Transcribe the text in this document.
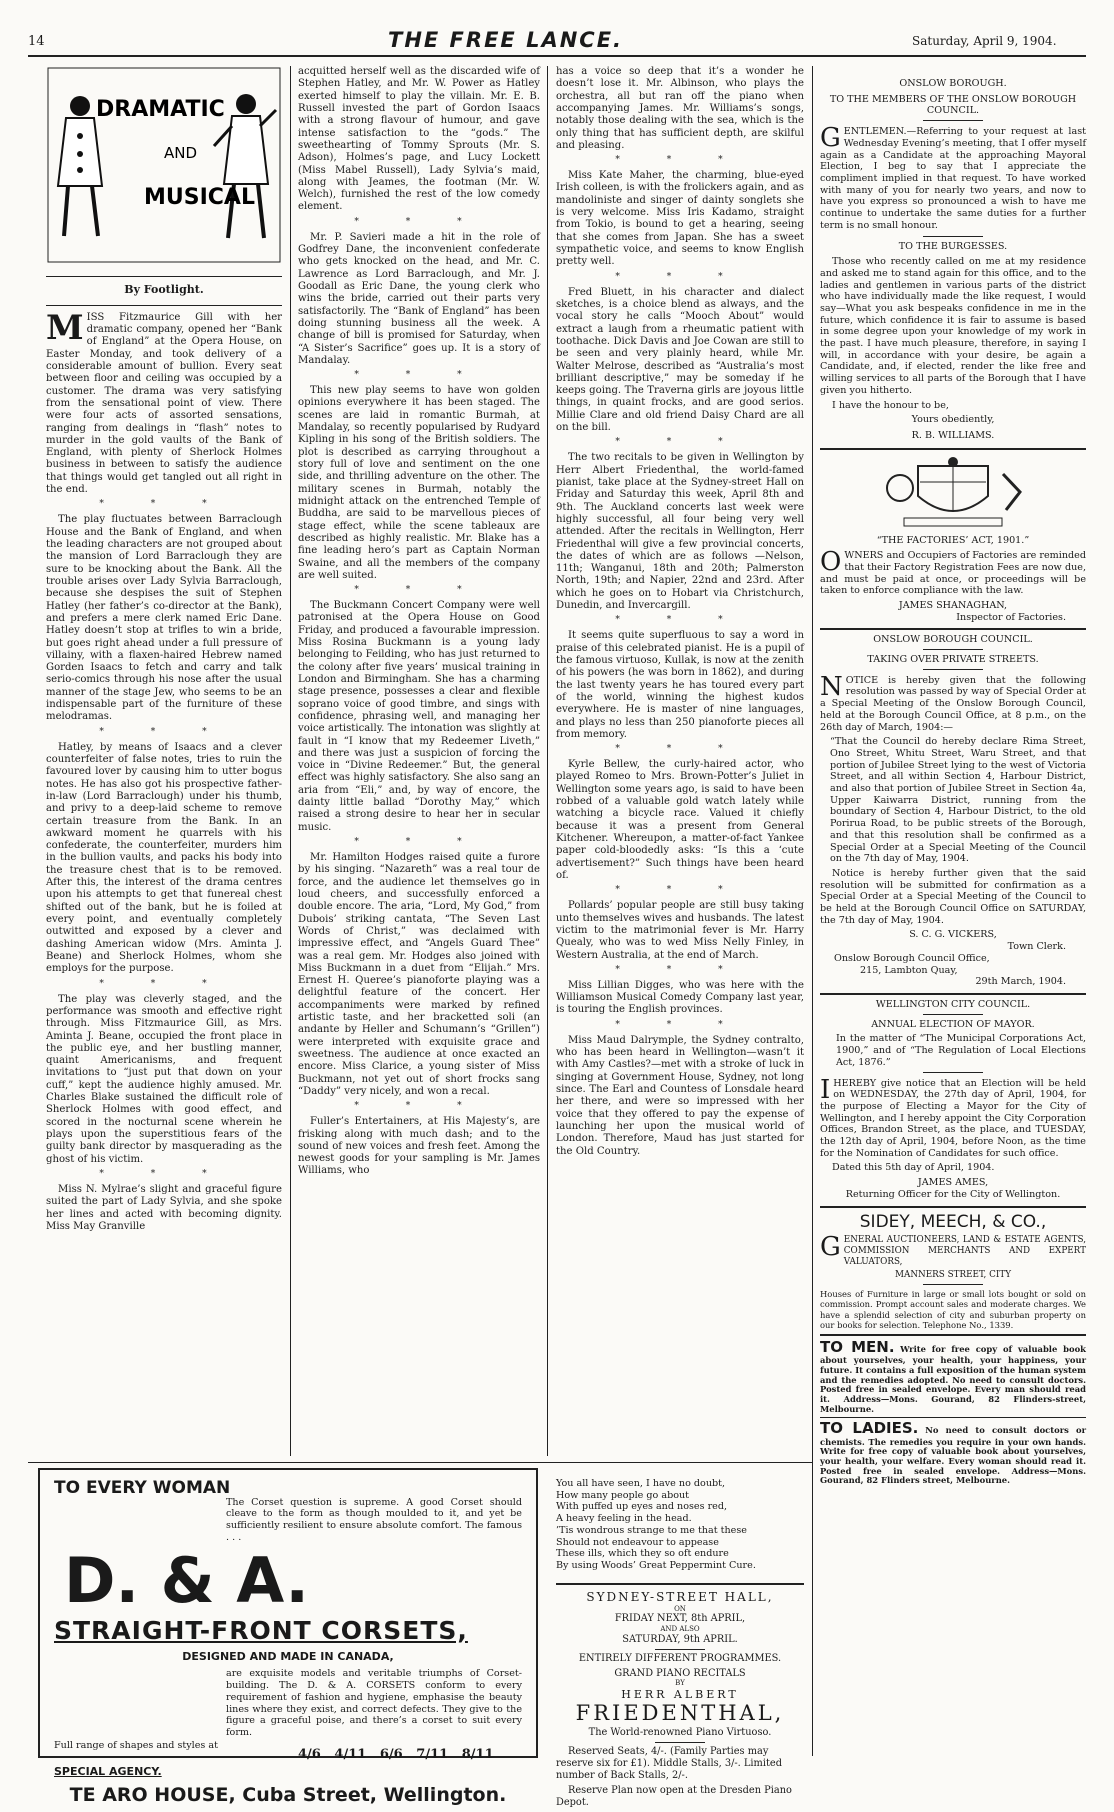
14	THE FREE LANCE.	Saturday, April 9, 1904.
DRAMATIC
AND
MUSICAL
By Footlight.

MISS Fitzmaurice Gill with her dramatic company, opened her “Bank of England” at the Opera House, on Easter Monday, and took delivery of a considerable amount of bullion. Every seat between floor and ceiling was occupied by a customer. The drama was very satisfying from the sensational point of view. There were four acts of assorted sensations, ranging from dealings in “flash” notes to murder in the gold vaults of the Bank of England, with plenty of Sherlock Holmes business in between to satisfy the audience that things would get tangled out all right in the end.

* * *

The play fluctuates between Barraclough House and the Bank of England, and when the leading characters are not grouped about the mansion of Lord Barraclough they are sure to be knocking about the Bank. All the trouble arises over Lady Sylvia Barraclough, because she despises the suit of Stephen Hatley (her father’s co-director at the Bank), and prefers a mere clerk named Eric Dane. Hatley doesn’t stop at trifles to win a bride, but goes right ahead under a full pressure of villainy, with a flaxen-haired Hebrew named Gorden Isaacs to fetch and carry and talk serio-comics through his nose after the usual manner of the stage Jew, who seems to be an indispensable part of the furniture of these melodramas.

* * *

Hatley, by means of Isaacs and a clever counterfeiter of false notes, tries to ruin the favoured lover by causing him to utter bogus notes. He has also got his prospective father-in-law (Lord Barraclough) under his thumb, and privy to a deep-laid scheme to remove certain treasure from the Bank. In an awkward moment he quarrels with his confederate, the counterfeiter, murders him in the bullion vaults, and packs his body into the treasure chest that is to be removed. After this, the interest of the drama centres upon his attempts to get that funereal chest shifted out of the bank, but he is foiled at every point, and eventually completely outwitted and exposed by a clever and dashing American widow (Mrs. Aminta J. Beane) and Sherlock Holmes, whom she employs for the purpose.

* * *

The play was cleverly staged, and the performance was smooth and effective right through. Miss Fitzmaurice Gill, as Mrs. Aminta J. Beane, occupied the front place in the public eye, and her bustling manner, quaint Americanisms, and frequent invitations to “just put that down on your cuff,” kept the audience highly amused. Mr. Charles Blake sustained the difficult role of Sherlock Holmes with good effect, and scored in the nocturnal scene wherein he plays upon the superstitious fears of the guilty bank director by masquerading as the ghost of his victim.

* * *

Miss N. Mylrae’s slight and graceful figure suited the part of Lady Sylvia, and she spoke her lines and acted with becoming dignity. Miss May Granville

acquitted herself well as the discarded wife of Stephen Hatley, and Mr. W. Power as Hatley exerted himself to play the villain. Mr. E. B. Russell invested the part of Gordon Isaacs with a strong flavour of humour, and gave intense satisfaction to the “gods.” The sweethearting of Tommy Sprouts (Mr. S. Adson), Holmes’s page, and Lucy Lockett (Miss Mabel Russell), Lady Sylvia’s maid, along with Jeames, the footman (Mr. W. Welch), furnished the rest of the low comedy element.

* * *

Mr. P. Savieri made a hit in the role of Godfrey Dane, the inconvenient confederate who gets knocked on the head, and Mr. C. Lawrence as Lord Barraclough, and Mr. J. Goodall as Eric Dane, the young clerk who wins the bride, carried out their parts very satisfactorily. The “Bank of England” has been doing stunning business all the week. A change of bill is promised for Saturday, when “A Sister’s Sacrifice” goes up. It is a story of Mandalay.

* * *

This new play seems to have won golden opinions everywhere it has been staged. The scenes are laid in romantic Burmah, at Mandalay, so recently popularised by Rudyard Kipling in his song of the British soldiers. The plot is described as carrying throughout a story full of love and sentiment on the one side, and thrilling adventure on the other. The military scenes in Burmah, notably the midnight attack on the entrenched Temple of Buddha, are said to be marvellous pieces of stage effect, while the scene tableaux are described as highly realistic. Mr. Blake has a fine leading hero’s part as Captain Norman Swaine, and all the members of the company are well suited.

* * *

The Buckmann Concert Company were well patronised at the Opera House on Good Friday, and produced a favourable impression. Miss Rosina Buckmann is a young lady belonging to Feilding, who has just returned to the colony after five years’ musical training in London and Birmingham. She has a charming stage presence, possesses a clear and flexible soprano voice of good timbre, and sings with confidence, phrasing well, and managing her voice artistically. The intonation was slightly at fault in “I know that my Redeemer Liveth,” and there was just a suspicion of forcing the voice in “Divine Redeemer.” But, the general effect was highly satisfactory. She also sang an aria from “Eli,” and, by way of encore, the dainty little ballad “Dorothy May,” which raised a strong desire to hear her in secular music.

* * *

Mr. Hamilton Hodges raised quite a furore by his singing. “Nazareth” was a real tour de force, and the audience let themselves go in loud cheers, and successfully enforced a double encore. The aria, “Lord, My God,” from Dubois’ striking cantata, “The Seven Last Words of Christ,” was declaimed with impressive effect, and “Angels Guard Thee” was a real gem. Mr. Hodges also joined with Miss Buckmann in a duet from “Elijah.” Mrs. Ernest H. Queree’s pianoforte playing was a delightful feature of the concert. Her accompaniments were marked by refined artistic taste, and her bracketted soli (an andante by Heller and Schumann’s “Grillen”) were interpreted with exquisite grace and sweetness. The audience at once exacted an encore. Miss Clarice, a young sister of Miss Buckmann, not yet out of short frocks sang “Daddy” very nicely, and won a recal.

* * *

Fuller’s Entertainers, at His Majesty’s, are frisking along with much dash; and to the sound of new voices and fresh feet. Among the newest goods for your sampling is Mr. James Williams, who

has a voice so deep that it’s a wonder he doesn’t lose it. Mr. Albinson, who plays the orchestra, all but ran off the piano when accompanying James. Mr. Williams’s songs, notably those dealing with the sea, which is the only thing that has sufficient depth, are skilful and pleasing.

* * *

Miss Kate Maher, the charming, blue-eyed Irish colleen, is with the frolickers again, and as mandoliniste and singer of dainty songlets she is very welcome. Miss Iris Kadamo, straight from Tokio, is bound to get a hearing, seeing that she comes from Japan. She has a sweet sympathetic voice, and seems to know English pretty well.

* * *

Fred Bluett, in his character and dialect sketches, is a choice blend as always, and the vocal story he calls “Mooch About” would extract a laugh from a rheumatic patient with toothache. Dick Davis and Joe Cowan are still to be seen and very plainly heard, while Mr. Walter Melrose, described as “Australia’s most brilliant descriptive,” may be someday if he keeps going. The Traverna girls are joyous little things, in quaint frocks, and are good serios. Millie Clare and old friend Daisy Chard are all on the bill.

* * *

The two recitals to be given in Wellington by Herr Albert Friedenthal, the world-famed pianist, take place at the Sydney-street Hall on Friday and Saturday this week, April 8th and 9th. The Auckland concerts last week were highly successful, all four being very well attended. After the recitals in Wellington, Herr Friedenthal will give a few provincial concerts, the dates of which are as follows —Nelson, 11th; Wanganui, 18th and 20th; Palmerston North, 19th; and Napier, 22nd and 23rd. After which he goes on to Hobart via Christchurch, Dunedin, and Invercargill.

* * *

It seems quite superfluous to say a word in praise of this celebrated pianist. He is a pupil of the famous virtuoso, Kullak, is now at the zenith of his powers (he was born in 1862), and during the last twenty years he has toured every part of the world, winning the highest kudos everywhere. He is master of nine languages, and plays no less than 250 pianoforte pieces all from memory.

* * *

Kyrle Bellew, the curly-haired actor, who played Romeo to Mrs. Brown-Potter’s Juliet in Wellington some years ago, is said to have been robbed of a valuable gold watch lately while watching a bicycle race. Valued it chiefly because it was a present from General Kitchener. Whereupon, a matter-of-fact Yankee paper cold-bloodedly asks: “Is this a ‘cute advertisement?” Such things have been heard of.

* * *

Pollards’ popular people are still busy taking unto themselves wives and husbands. The latest victim to the matrimonial fever is Mr. Harry Quealy, who was to wed Miss Nelly Finley, in Western Australia, at the end of March.

* * *

Miss Lillian Digges, who was here with the Williamson Musical Comedy Company last year, is touring the English provinces.

* * *

Miss Maud Dalrymple, the Sydney contralto, who has been heard in Wellington—wasn’t it with Amy Castles?—met with a stroke of luck in singing at Government House, Sydney, not long since. The Earl and Countess of Lonsdale heard her there, and were so impressed with her voice that they offered to pay the expense of launching her upon the musical world of London. Therefore, Maud has just started for the Old Country.

ONSLOW BOROUGH.
TO THE MEMBERS OF THE ONSLOW BOROUGH COUNCIL.

GENTLEMEN.—Referring to your request at last Wednesday Evening’s meeting, that I offer myself again as a Candidate at the approaching Mayoral Election, I beg to say that I appreciate the compliment implied in that request. To have worked with many of you for nearly two years, and now to have you express so pronounced a wish to have me continue to undertake the same duties for a further term is no small honour.

TO THE BURGESSES.

Those who recently called on me at my residence and asked me to stand again for this office, and to the ladies and gentlemen in various parts of the district who have individually made the like request, I would say—What you ask bespeaks confidence in me in the future, which confidence it is fair to assume is based in some degree upon your knowledge of my work in the past. I have much pleasure, therefore, in saying I will, in accordance with your desire, be again a Candidate, and, if elected, render the like free and willing services to all parts of the Borough that I have given you hitherto.

I have the honour to be,

Yours obediently,
R. B. WILLIAMS.
“THE FACTORIES’ ACT, 1901.”

OWNERS and Occupiers of Factories are reminded that their Factory Registration Fees are now due, and must be paid at once, or proceedings will be taken to enforce compliance with the law.

JAMES SHANAGHAN,
Inspector of Factories.
ONSLOW BOROUGH COUNCIL.
TAKING OVER PRIVATE STREETS.

NOTICE is hereby given that the following resolution was passed by way of Special Order at a Special Meeting of the Onslow Borough Council, held at the Borough Council Office, at 8 p.m., on the 26th day of March, 1904:—

“That the Council do hereby declare Rima Street, Ono Street, Whitu Street, Waru Street, and that portion of Jubilee Street lying to the west of Victoria Street, and all within Section 4, Harbour District, and also that portion of Jubilee Street in Section 4a, Upper Kaiwarra District, running from the boundary of Section 4, Harbour District, to the old Porirua Road, to be public streets of the Borough, and that this resolution shall be confirmed as a Special Order at a Special Meeting of the Council on the 7th day of May, 1904.

Notice is hereby further given that the said resolution will be submitted for confirmation as a Special Order at a Special Meeting of the Council to be held at the Borough Council Office on SATURDAY, the 7th day of May, 1904.

S. C. G. VICKERS,
Town Clerk.
Onslow Borough Council Office,
215, Lambton Quay,
29th March, 1904.
WELLINGTON CITY COUNCIL.
ANNUAL ELECTION OF MAYOR.

In the matter of “The Municipal Corporations Act, 1900,” and of “The Regulation of Local Elections Act, 1876.”

IHEREBY give notice that an Election will be held on WEDNESDAY, the 27th day of April, 1904, for the purpose of Electing a Mayor for the City of Wellington, and I hereby appoint the City Corporation Offices, Brandon Street, as the place, and TUESDAY, the 12th day of April, 1904, before Noon, as the time for the Nomination of Candidates for such office.

Dated this 5th day of April, 1904.

JAMES AMES,
Returning Officer for the City of Wellington.
SIDEY, MEECH, & CO.,

GENERAL AUCTIONEERS, LAND & ESTATE AGENTS, COMMISSION MERCHANTS AND EXPERT VALUATORS,

MANNERS STREET, CITY

Houses of Furniture in large or small lots bought or sold on commission. Prompt account sales and moderate charges. We have a splendid selection of city and suburban property on our books for selection. Telephone No., 1339.

TO MEN. Write for free copy of valuable book about yourselves, your health, your happiness, your future. It contains a full exposition of the human system and the remedies adopted. No need to consult doctors. Posted free in sealed envelope. Every man should read it. Address—Mons. Gourand, 82 Flinders-street, Melbourne.

TO LADIES. No need to consult doctors or chemists. The remedies you require in your own hands. Write for free copy of valuable book about yourselves, your health, your welfare. Every woman should read it. Posted free in sealed envelope. Address—Mons. Gourand, 82 Flinders street, Melbourne.

TO EVERY WOMAN
The Corset question is supreme. A good Corset should cleave to the form as though moulded to it, and yet be sufficiently resilient to ensure absolute comfort. The famous . . .
D. & A.
STRAIGHT-FRONT CORSETS,
DESIGNED AND MADE IN CANADA,
are exquisite models and veritable triumphs of Corset-building. The D. & A. CORSETS conform to every requirement of fashion and hygiene, emphasise the beauty lines where they exist, and correct defects. They give to the figure a graceful poise, and there’s a corset to suit every form.
Full range of shapes and styles at
4/6   4/11   6/6   7/11   8/11
SPECIAL AGENCY.
TE ARO HOUSE, Cuba Street, Wellington.
You all have seen, I have no doubt,
How many people go about
With puffed up eyes and noses red,
A heavy feeling in the head.
’Tis wondrous strange to me that these
Should not endeavour to appease
These ills, which they so oft endure
By using Woods’ Great Peppermint Cure.
SYDNEY-STREET HALL,
ON
FRIDAY NEXT, 8th APRIL,
AND ALSO
SATURDAY, 9th APRIL.
ENTIRELY DIFFERENT PROGRAMMES.
GRAND PIANO RECITALS
BY
HERR ALBERT
FRIEDENTHAL,
The World-renowned Piano Virtuoso.

Reserved Seats, 4/-. (Family Parties may reserve six for £1). Middle Stalls, 3/-. Limited number of Back Stalls, 2/-.

Reserve Plan now open at the Dresden Piano Depot.
